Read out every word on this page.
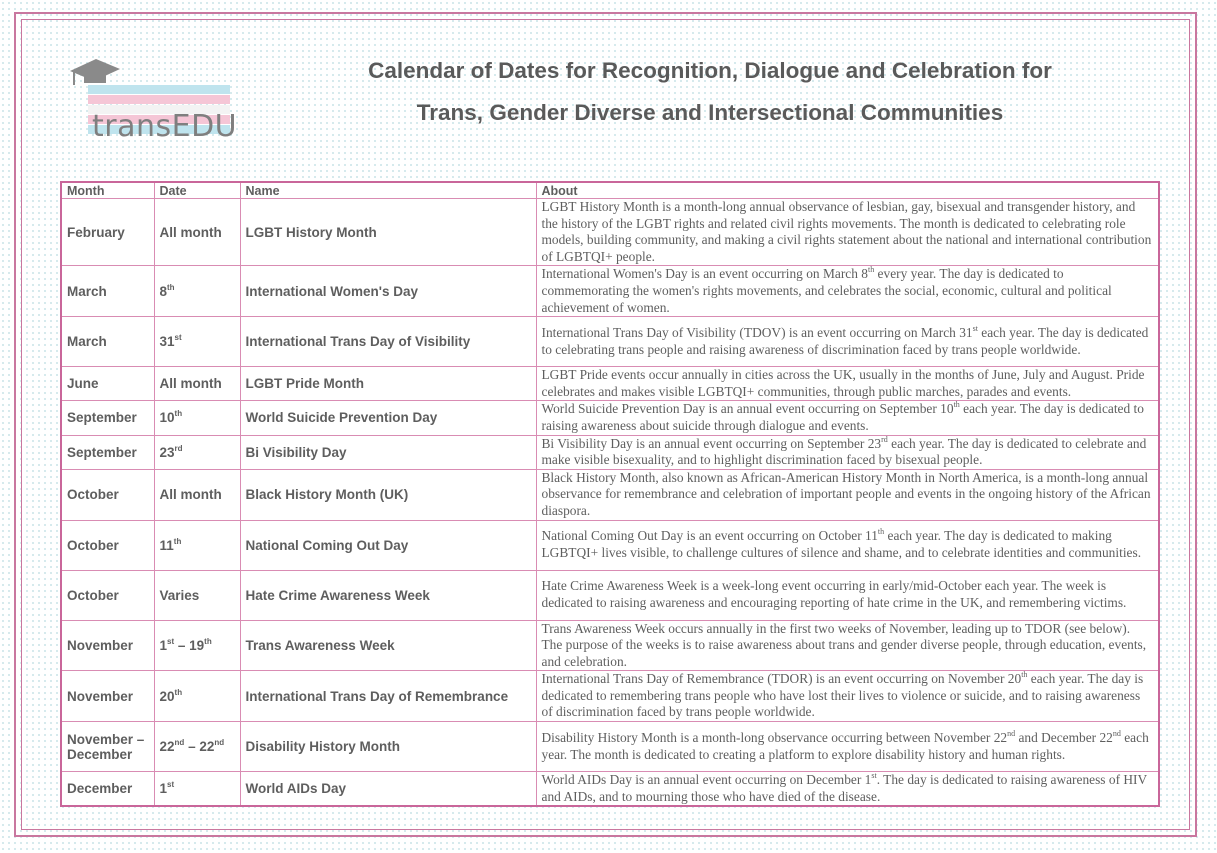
transEDU
Calendar of Dates for Recognition, Dialogue and Celebration for
Trans, Gender Diverse and Intersectional Communities
Month	Date	Name	About
February	All month	LGBT History Month	LGBT History Month is a month-long annual observance of lesbian, gay, bisexual and transgender history, and the history of the LGBT rights and related civil rights movements. The month is dedicated to celebrating role models, building community, and making a civil rights statement about the national and international contribution of LGBTQI+ people.
March	8th	International Women's Day	International Women's Day is an event occurring on March 8th every year. The day is dedicated to commemorating the women's rights movements, and celebrates the social, economic, cultural and political achievement of women.
March	31st	International Trans Day of Visibility	International Trans Day of Visibility (TDOV) is an event occurring on March 31st each year. The day is dedicated to celebrating trans people and raising awareness of discrimination faced by trans people worldwide.
June	All month	LGBT Pride Month	LGBT Pride events occur annually in cities across the UK, usually in the months of June, July and August. Pride celebrates and makes visible LGBTQI+ communities, through public marches, parades and events.
September	10th	World Suicide Prevention Day	World Suicide Prevention Day is an annual event occurring on September 10th each year. The day is dedicated to raising awareness about suicide through dialogue and events.
September	23rd	Bi Visibility Day	Bi Visibility Day is an annual event occurring on September 23rd each year. The day is dedicated to celebrate and make visible bisexuality, and to highlight discrimination faced by bisexual people.
October	All month	Black History Month (UK)	Black History Month, also known as African-American History Month in North America, is a month-long annual observance for remembrance and celebration of important people and events in the ongoing history of the African diaspora.
October	11th	National Coming Out Day	National Coming Out Day is an event occurring on October 11th each year. The day is dedicated to making LGBTQI+ lives visible, to challenge cultures of silence and shame, and to celebrate identities and communities.
October	Varies	Hate Crime Awareness Week	Hate Crime Awareness Week is a week-long event occurring in early/mid-October each year. The week is dedicated to raising awareness and encouraging reporting of hate crime in the UK, and remembering victims.
November	1st – 19th	Trans Awareness Week	Trans Awareness Week occurs annually in the first two weeks of November, leading up to TDOR (see below). The purpose of the weeks is to raise awareness about trans and gender diverse people, through education, events, and celebration.
November	20th	International Trans Day of Remembrance	International Trans Day of Remembrance (TDOR) is an event occurring on November 20th each year. The day is dedicated to remembering trans people who have lost their lives to violence or suicide, and to raising awareness of discrimination faced by trans people worldwide.
November – December	22nd – 22nd	Disability History Month	Disability History Month is a month-long observance occurring between November 22nd and December 22nd each year. The month is dedicated to creating a platform to explore disability history and human rights.
December	1st	World AIDs Day	World AIDs Day is an annual event occurring on December 1st. The day is dedicated to raising awareness of HIV and AIDs, and to mourning those who have died of the disease.
